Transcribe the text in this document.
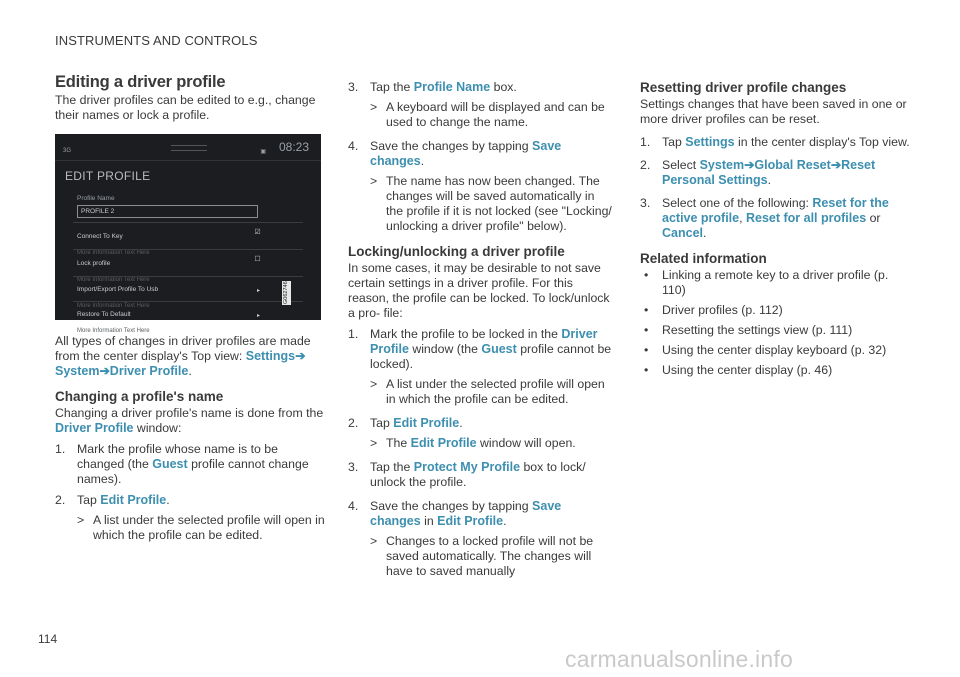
INSTRUMENTS AND CONTROLS
Editing a driver profile

The driver profiles can be edited to e.g., change their names or lock a profile.

3G	▣ 08:23
EDIT PROFILE
Profile Name
PROFILE 2
Connect To Key
More Information Text Here
☑
Lock profile
More Information Text Here
☐
Import/Export Profile To Usb
More Information Text Here
▸
Restore To Default
More Information Text Here
▸
G062746

All types of changes in driver profiles are made from the center display's Top view: Settings➔ System➔Driver Profile.

Changing a profile's name

Changing a driver profile's name is done from the Driver Profile window:

1. Mark the profile whose name is to be changed (the Guest profile cannot change names).
2. Tap Edit Profile.
> A list under the selected profile will open in which the profile can be edited.
3. Tap the Profile Name box.
> A keyboard will be displayed and can be used to change the name.
4. Save the changes by tapping Save changes.
> The name has now been changed. The changes will be saved automatically in the profile if it is not locked (see "Locking/ unlocking a driver profile" below).
Locking/unlocking a driver profile

In some cases, it may be desirable to not save certain settings in a driver profile. For this reason, the profile can be locked. To lock/unlock a pro- file:

1. Mark the profile to be locked in the Driver Profile window (the Guest profile cannot be locked).
> A list under the selected profile will open in which the profile can be edited.
2. Tap Edit Profile.
> The Edit Profile window will open.
3. Tap the Protect My Profile box to lock/ unlock the profile.
4. Save the changes by tapping Save changes in Edit Profile.
> Changes to a locked profile will not be saved automatically. The changes will have to saved manually
Resetting driver profile changes

Settings changes that have been saved in one or more driver profiles can be reset.

1. Tap Settings in the center display's Top view.
2. Select System➔Global Reset➔Reset Personal Settings.
3. Select one of the following: Reset for the active profile, Reset for all profiles or Cancel.
Related information
• Linking a remote key to a driver profile (p. 110)
• Driver profiles (p. 112)
• Resetting the settings view (p. 111)
• Using the center display keyboard (p. 32)
• Using the center display (p. 46)
114
carmanualsonline.info
